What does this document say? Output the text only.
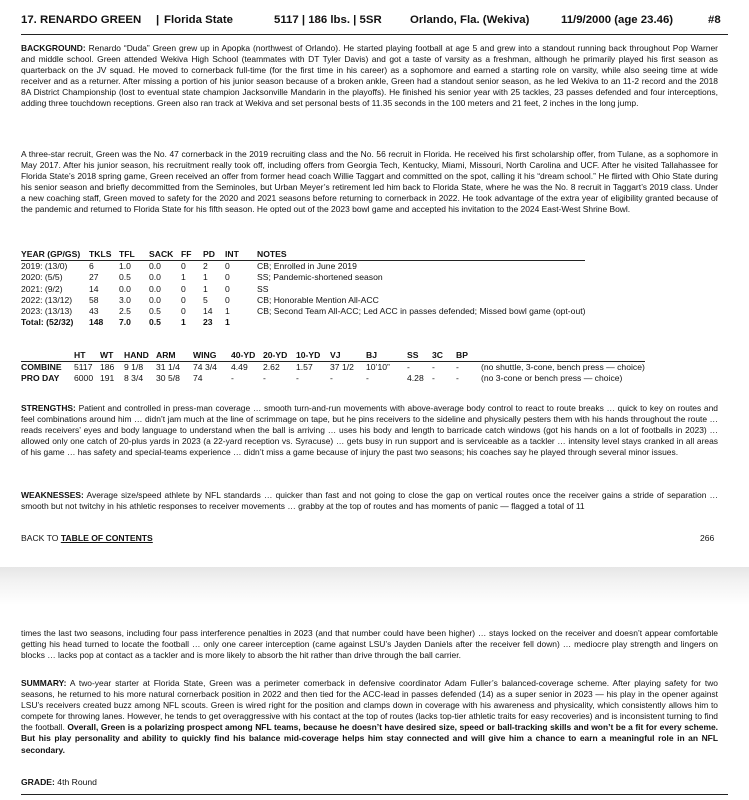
17. RENARDO GREEN | Florida State	5117 | 186 lbs. | 5SR Orlando, Fla. (Wekiva)	11/9/2000 (age 23.46)	#8
BACKGROUND: Renardo “Duda” Green grew up in Apopka (northwest of Orlando). He started playing football at age 5 and grew into a standout running back throughout Pop Warner and middle school. Green attended Wekiva High School (teammates with DT Tyler Davis) and got a taste of varsity as a freshman, although he primarily played his first season as quarterback on the JV squad. He moved to cornerback full-time (for the first time in his career) as a sophomore and earned a starting role on varsity, while also seeing time at wide receiver and as a returner. After missing a portion of his junior season because of a broken ankle, Green had a standout senior season, as he led Wekiva to an 11-2 record and the 2018 8A District Championship (lost to eventual state champion Jacksonville Mandarin in the playoffs). He finished his senior year with 25 tackles, 23 passes defended and four interceptions, adding three touchdown receptions. Green also ran track at Wekiva and set personal bests of 11.35 seconds in the 100 meters and 21 feet, 2 inches in the long jump.
A three-star recruit, Green was the No. 47 cornerback in the 2019 recruiting class and the No. 56 recruit in Florida. He received his first scholarship offer, from Tulane, as a sophomore in May 2017. After his junior season, his recruitment really took off, including offers from Georgia Tech, Kentucky, Miami, Missouri, North Carolina and UCF. After he visited Tallahassee for Florida State’s 2018 spring game, Green received an offer from former head coach Willie Taggart and committed on the spot, calling it his “dream school.” He flirted with Ohio State during his senior season and briefly decommitted from the Seminoles, but Urban Meyer’s retirement led him back to Florida State, where he was the No. 8 recruit in Taggart’s 2019 class. Under a new coaching staff, Green moved to safety for the 2020 and 2021 seasons before returning to cornerback in 2022. He took advantage of the extra year of eligibility granted because of the pandemic and returned to Florida State for his fifth season. He opted out of the 2023 bowl game and accepted his invitation to the 2024 East-West Shrine Bowl.
YEAR (GP/GS)	TKLS	TFL	SACK	FF	PD	INT	NOTES
2019: (13/0)	6	1.0	0.0	0	2	0	CB; Enrolled in June 2019
2020: (5/5)	27	0.5	0.0	1	1	0	SS; Pandemic-shortened season
2021: (9/2)	14	0.0	0.0	0	1	0	SS
2022: (13/12)	58	3.0	0.0	0	5	0	CB; Honorable Mention All-ACC
2023: (13/13)	43	2.5	0.5	0	14	1	CB; Second Team All-ACC; Led ACC in passes defended; Missed bowl game (opt-out)
Total: (52/32)	148	7.0	0.5	1	23	1	
	HT	WT	HAND	ARM	WING	40-YD	20-YD	10-YD	VJ	BJ	SS	3C	BP	
COMBINE	5117	186	9 1/8	31 1/4	74 3/4	4.49	2.62	1.57	37 1/2	10’10”	-	-	-	(no shuttle, 3-cone, bench press — choice)
PRO DAY	6000	191	8 3/4	30 5/8	74	-	-	-	-	-	4.28	-	-	(no 3-cone or bench press — choice)
STRENGTHS: Patient and controlled in press-man coverage … smooth turn-and-run movements with above-average body control to react to route breaks … quick to key on routes and feel combinations around him … didn’t jam much at the line of scrimmage on tape, but he pins receivers to the sideline and physically pesters them with his hands throughout the route … reads receivers’ eyes and body language to understand when the ball is arriving … uses his body and length to barricade catch windows (got his hands on a lot of footballs in 2023) … allowed only one catch of 20-plus yards in 2023 (a 22-yard reception vs. Syracuse) … gets busy in run support and is serviceable as a tackler … intensity level stays cranked in all areas of his game … has safety and special-teams experience … didn’t miss a game because of injury the past two seasons; his coaches say he played through several minor issues.
WEAKNESSES: Average size/speed athlete by NFL standards … quicker than fast and not going to close the gap on vertical routes once the receiver gains a stride of separation … smooth but not twitchy in his athletic responses to receiver movements … grabby at the top of routes and has moments of panic — flagged a total of 11
BACK TO TABLE OF CONTENTS	266
times the last two seasons, including four pass interference penalties in 2023 (and that number could have been higher) … stays locked on the receiver and doesn’t appear comfortable getting his head turned to locate the football … only one career interception (came against LSU’s Jayden Daniels after the receiver fell down) … mediocre play strength and lingers on blocks … lacks pop at contact as a tackler and is more likely to absorb the hit rather than drive through the ball carrier.
SUMMARY: A two-year starter at Florida State, Green was a perimeter comerback in defensive coordinator Adam Fuller’s balanced-coverage scheme. After playing safety for two seasons, he returned to his more natural cornerback position in 2022 and then tied for the ACC-lead in passes defended (14) as a super senior in 2023 — his play in the opener against LSU’s receivers created buzz among NFL scouts. Green is wired right for the position and clamps down in coverage with his awareness and physicality, which consistently allows him to compete for throwing lanes. However, he tends to get overaggressive with his contact at the top of routes (lacks top-tier athletic traits for easy recoveries) and is inconsistent turning to find the football. Overall, Green is a polarizing prospect among NFL teams, because he doesn’t have desired size, speed or ball-tracking skills and won’t be a fit for every scheme. But his play personality and ability to quickly find his balance mid-coverage helps him stay connected and will give him a chance to earn a meaningful role in an NFL secondary.
GRADE: 4th Round
